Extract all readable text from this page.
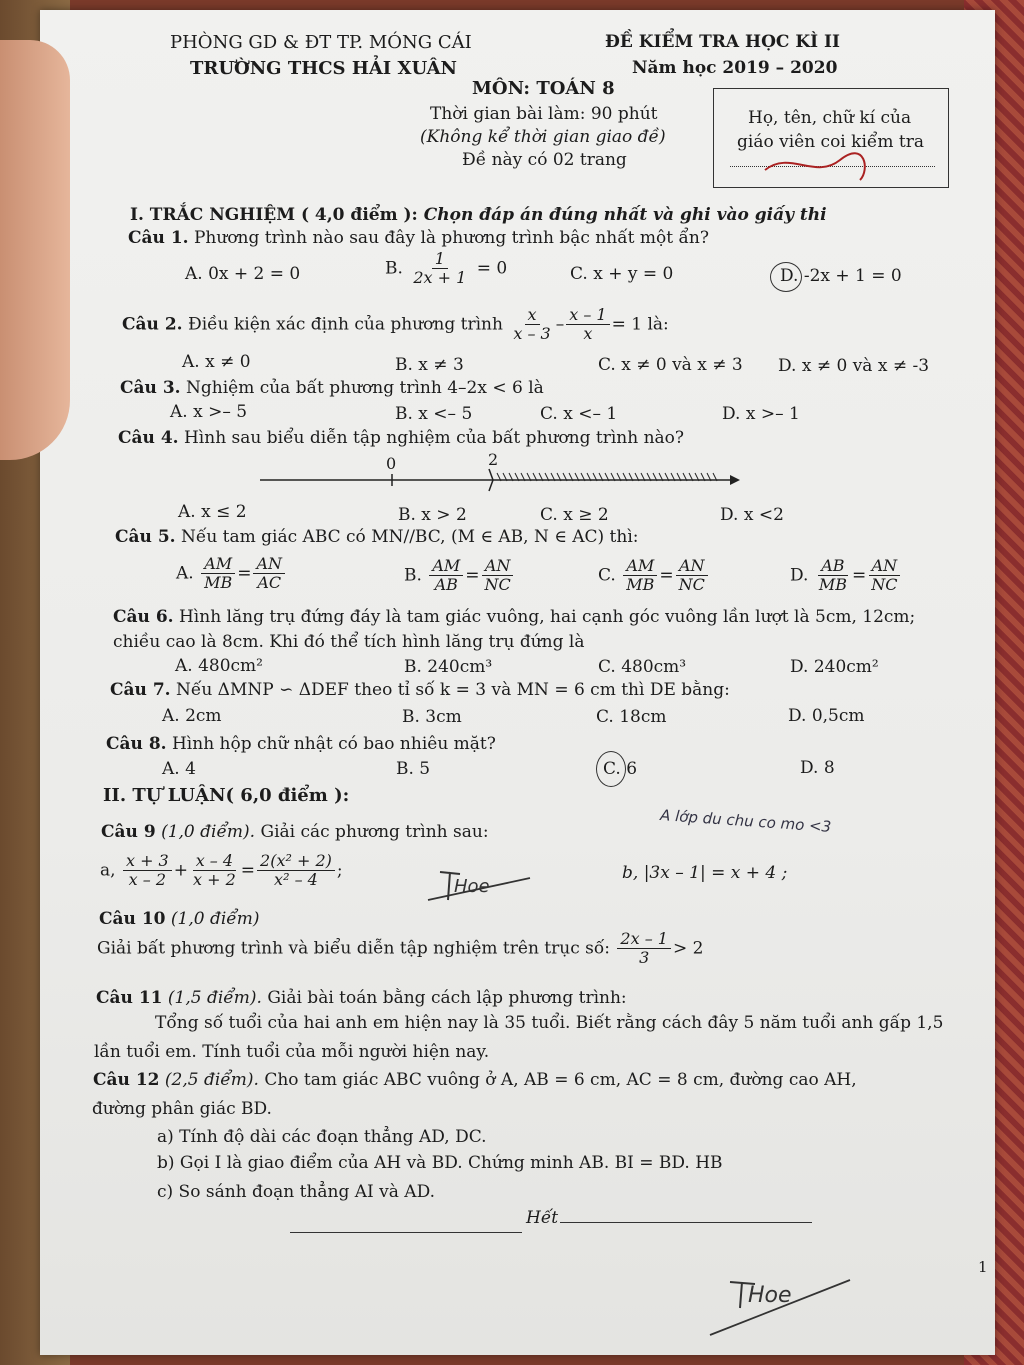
PHÒNG GD & ĐT TP. MÓNG CÁI
TRƯỜNG THCS HẢI XUÂN
ĐỀ KIỂM TRA HỌC KÌ II
Năm học 2019 – 2020
MÔN: TOÁN 8
Thời gian bài làm: 90 phút
(Không kể thời gian giao đề)
Đề này có 02 trang
Họ, tên, chữ kí của
giáo viên coi kiểm tra
I. TRẮC NGHIỆM ( 4,0 điểm ): Chọn đáp án đúng nhất và ghi vào giấy thi
Câu 1. Phương trình nào sau đây là phương trình bậc nhất một ẩn?
A. 0x + 2 = 0	B. $\frac{1}{2x + 1} = 0$	C. x + y = 0	D. -2x + 1 = 0
Câu 2. Điều kiện xác định của phương trình $\frac{x}{x - 3} - \frac{x - 1}{x} = 1$ là:
A. x ≠ 0	B. x ≠ 3	C. x ≠ 0 và x ≠ 3 D. x ≠ 0 và x ≠ -3
Câu 3. Nghiệm của bất phương trình 4–2x < 6 là
A. x >– 5	B. x <– 5	C. x <– 1	D. x >– 1
Câu 4. Hình sau biểu diễn tập nghiệm của bất phương trình nào?
0	2
A. x ≤ 2	B. x > 2	C. x ≥ 2	D. x <2
Câu 5. Nếu tam giác ABC có MN//BC, (M ∈ AB, N ∈ AC) thì:
A. $\frac{AM}{MB} = \frac{AN}{AC}$	B. $\frac{AM}{AB} = \frac{AN}{NC}$	C. $\frac{AM}{MB} = \frac{AN}{NC}$	D. $\frac{AB}{MB} = \frac{AN}{NC}$
Câu 6. Hình lăng trụ đứng đáy là tam giác vuông, hai cạnh góc vuông lần lượt là 5cm, 12cm;
chiều cao là 8cm. Khi đó thể tích hình lăng trụ đứng là
A. 480cm²	B. 240cm³	C. 480cm³	D. 240cm²
Câu 7. Nếu ΔMNP ∽ ΔDEF theo tỉ số k = 3 và MN = 6 cm thì DE bằng:
A. 2cm	B. 3cm	C. 18cm	D. 0,5cm
Câu 8. Hình hộp chữ nhật có bao nhiêu mặt?
A. 4	B. 5	C. 6	D. 8
II. TỰ LUẬN( 6,0 điểm ):
Câu 9 (1,0 điểm). Giải các phương trình sau:	A lớp du chu co mo <3
a, $\frac{x + 3}{x - 2} + \frac{x - 4}{x + 2} = \frac{\text{2(x² + 2)}}{\text{x² – 4}}$ ;	b, |3x – 1| = x + 4 ;
Hoe
Câu 10 (1,0 điểm)
Giải bất phương trình và biểu diễn tập nghiệm trên trục số: $\frac{2x - 1}{3} > 2$
Câu 11 (1,5 điểm). Giải bài toán bằng cách lập phương trình:
Tổng số tuổi của hai anh em hiện nay là 35 tuổi. Biết rằng cách đây 5 năm tuổi anh gấp 1,5
lần tuổi em. Tính tuổi của mỗi người hiện nay.
Câu 12 (2,5 điểm). Cho tam giác ABC vuông ở A, AB = 6 cm, AC = 8 cm, đường cao AH,
đường phân giác BD.
a) Tính độ dài các đoạn thẳng AD, DC.
b) Gọi I là giao điểm của AH và BD. Chứng minh AB. BI = BD. HB
c) So sánh đoạn thẳng AI và AD.
Hết
1
Hoe
